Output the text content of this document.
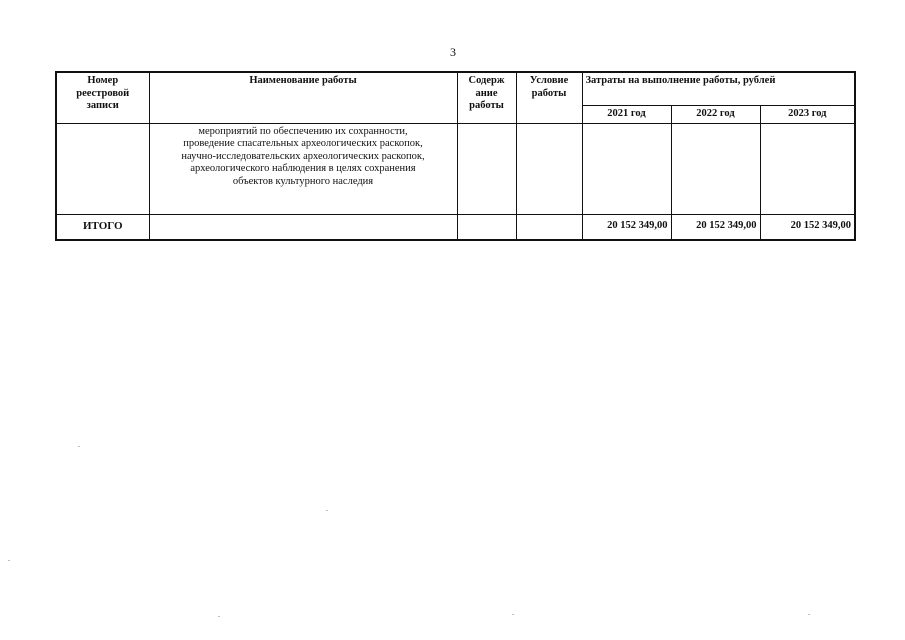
3
Номер
реестровой
записи	Наименование работы	Содерж
ание
работы	Условие
работы	Затраты на выполнение работы, рублей		
				2021 год	2022 год	2023 год

	мероприятий по обеспечению их сохранности,
проведение спасательных археологических раскопок,
научно-исследовательских археологических раскопок,
археологического наблюдения в целях сохранения
объектов культурного наследия					

ИТОГО				20 152 349,00	20 152 349,00	20 152 349,00
